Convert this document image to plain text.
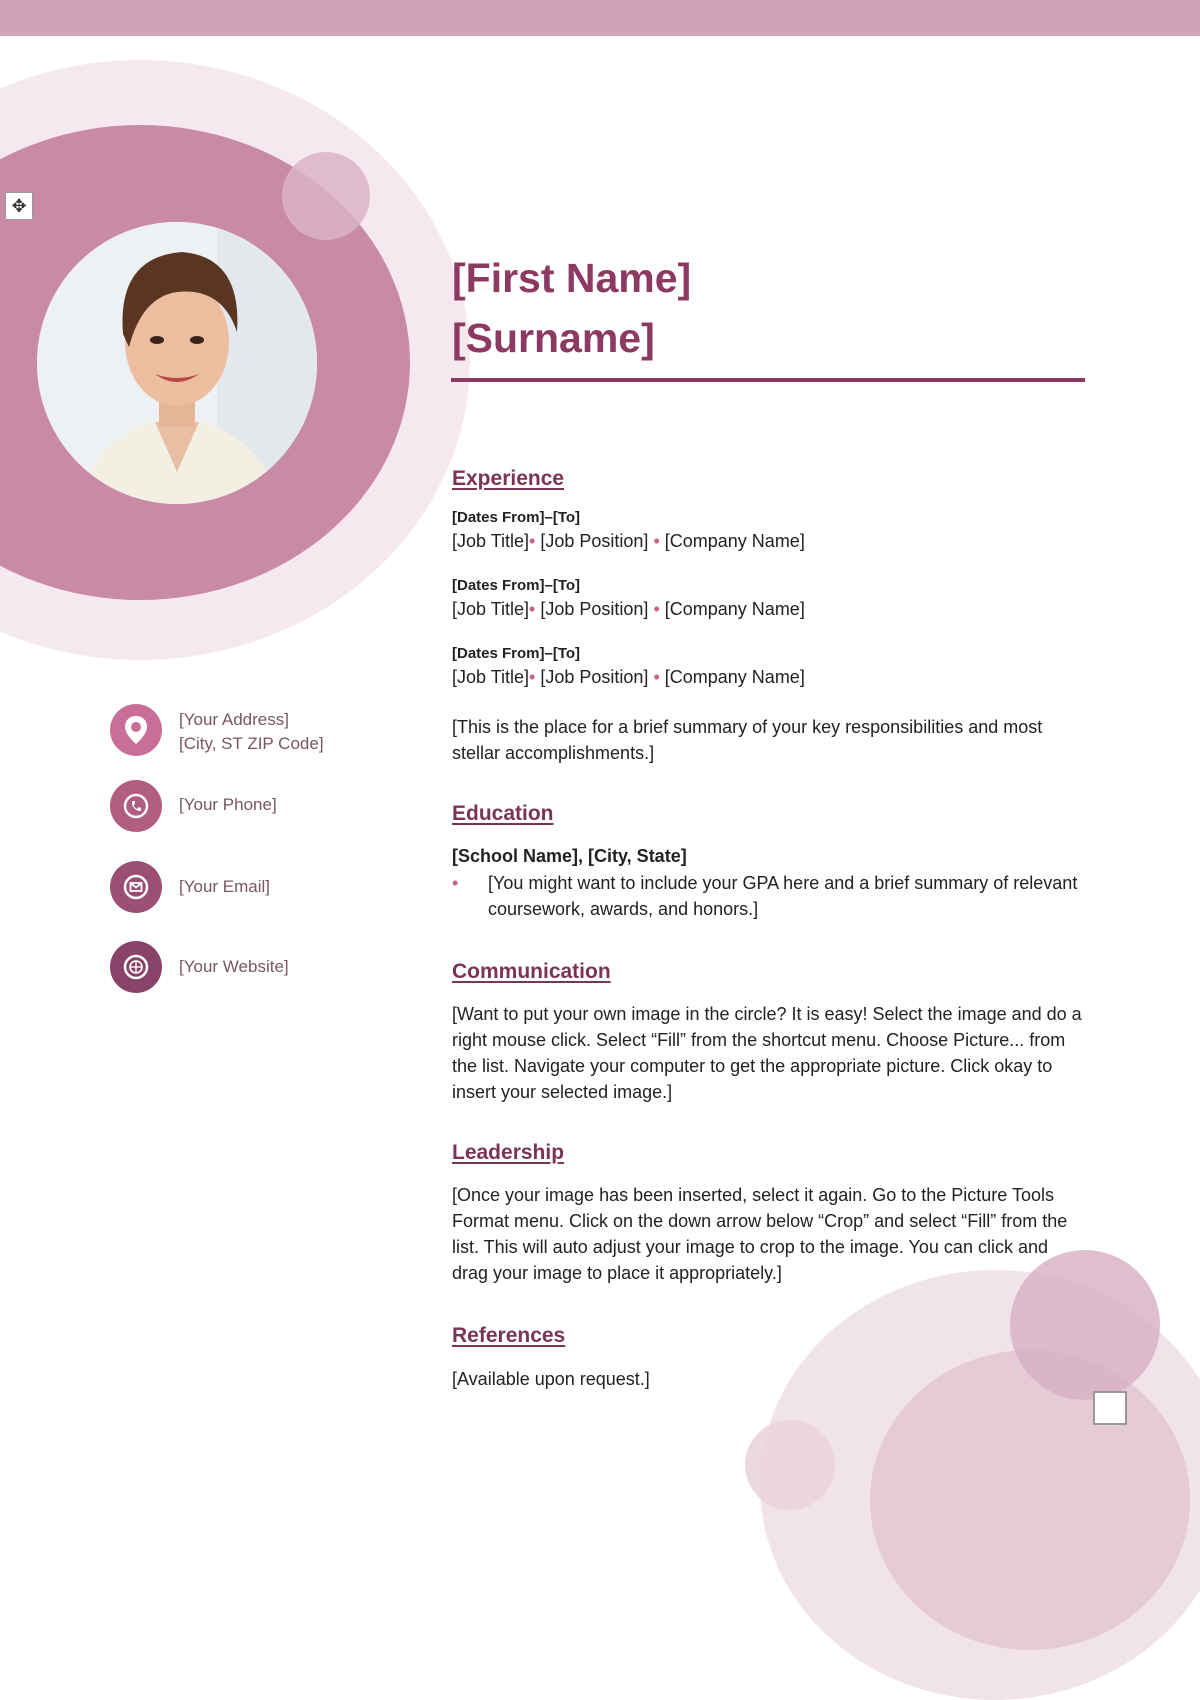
✥
[First Name]
[Surname]
[Your Address]
[City, ST ZIP Code]
[Your Phone]
[Your Email]
[Your Website]
Experience
[Dates From]–[To]
[Job Title]• [Job Position] • [Company Name]
[Dates From]–[To]
[Job Title]• [Job Position] • [Company Name]
[Dates From]–[To]
[Job Title]• [Job Position] • [Company Name]
[This is the place for a brief summary of your key responsibilities and most stellar accomplishments.]
Education
[School Name], [City, State]
•	[You might want to include your GPA here and a brief summary of relevant coursework, awards, and honors.]
Communication
[Want to put your own image in the circle? It is easy! Select the image and do a right mouse click. Select “Fill” from the shortcut menu. Choose Picture... from the list. Navigate your computer to get the appropriate picture. Click okay to insert your selected image.]
Leadership
[Once your image has been inserted, select it again. Go to the Picture Tools Format menu. Click on the down arrow below “Crop” and select “Fill” from the list. This will auto adjust your image to crop to the image. You can click and drag your image to place it appropriately.]
References
[Available upon request.]
